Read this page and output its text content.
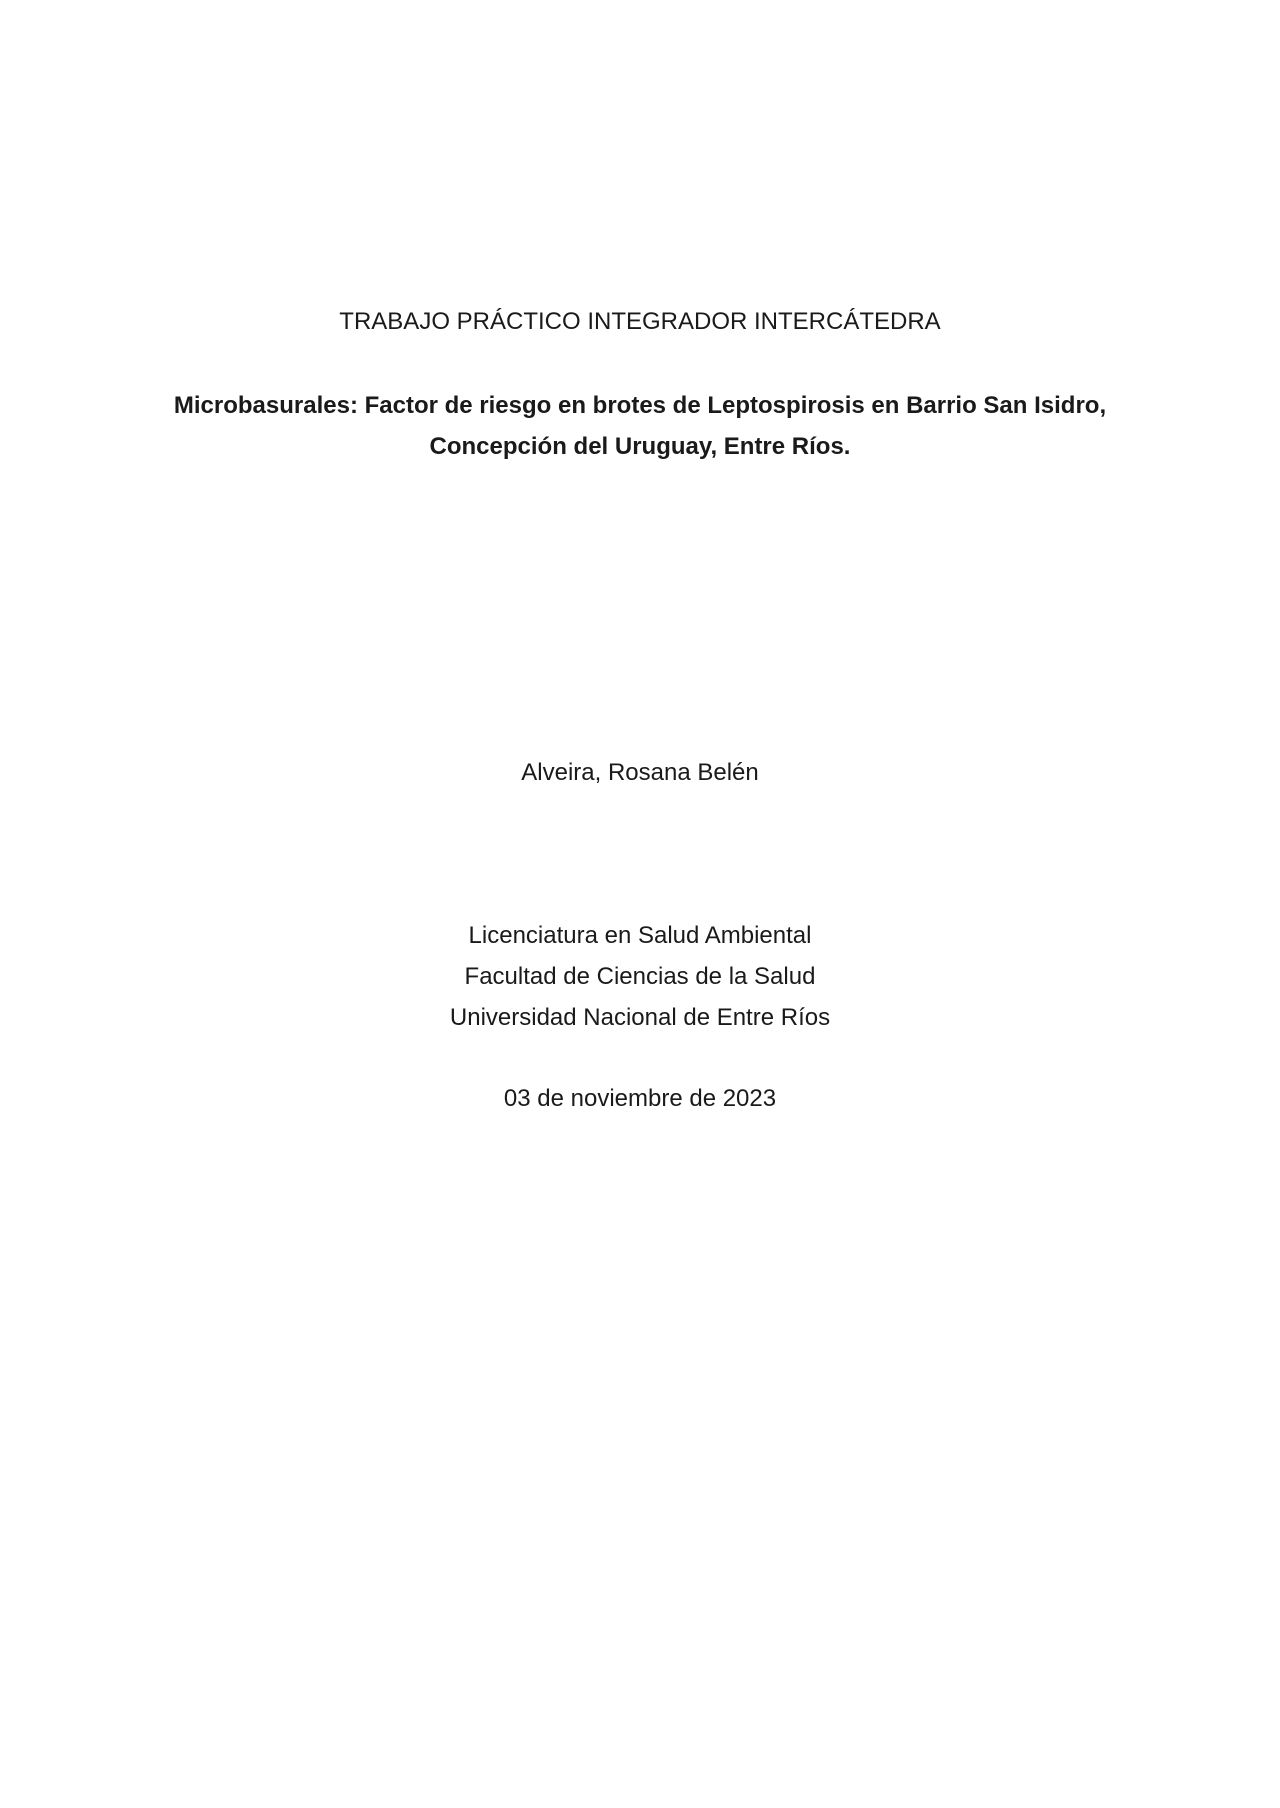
TRABAJO PRÁCTICO INTEGRADOR INTERCÁTEDRA
Microbasurales: Factor de riesgo en brotes de Leptospirosis en Barrio San Isidro,
Concepción del Uruguay, Entre Ríos.
Alveira, Rosana Belén
Licenciatura en Salud Ambiental
Facultad de Ciencias de la Salud
Universidad Nacional de Entre Ríos
03 de noviembre de 2023
